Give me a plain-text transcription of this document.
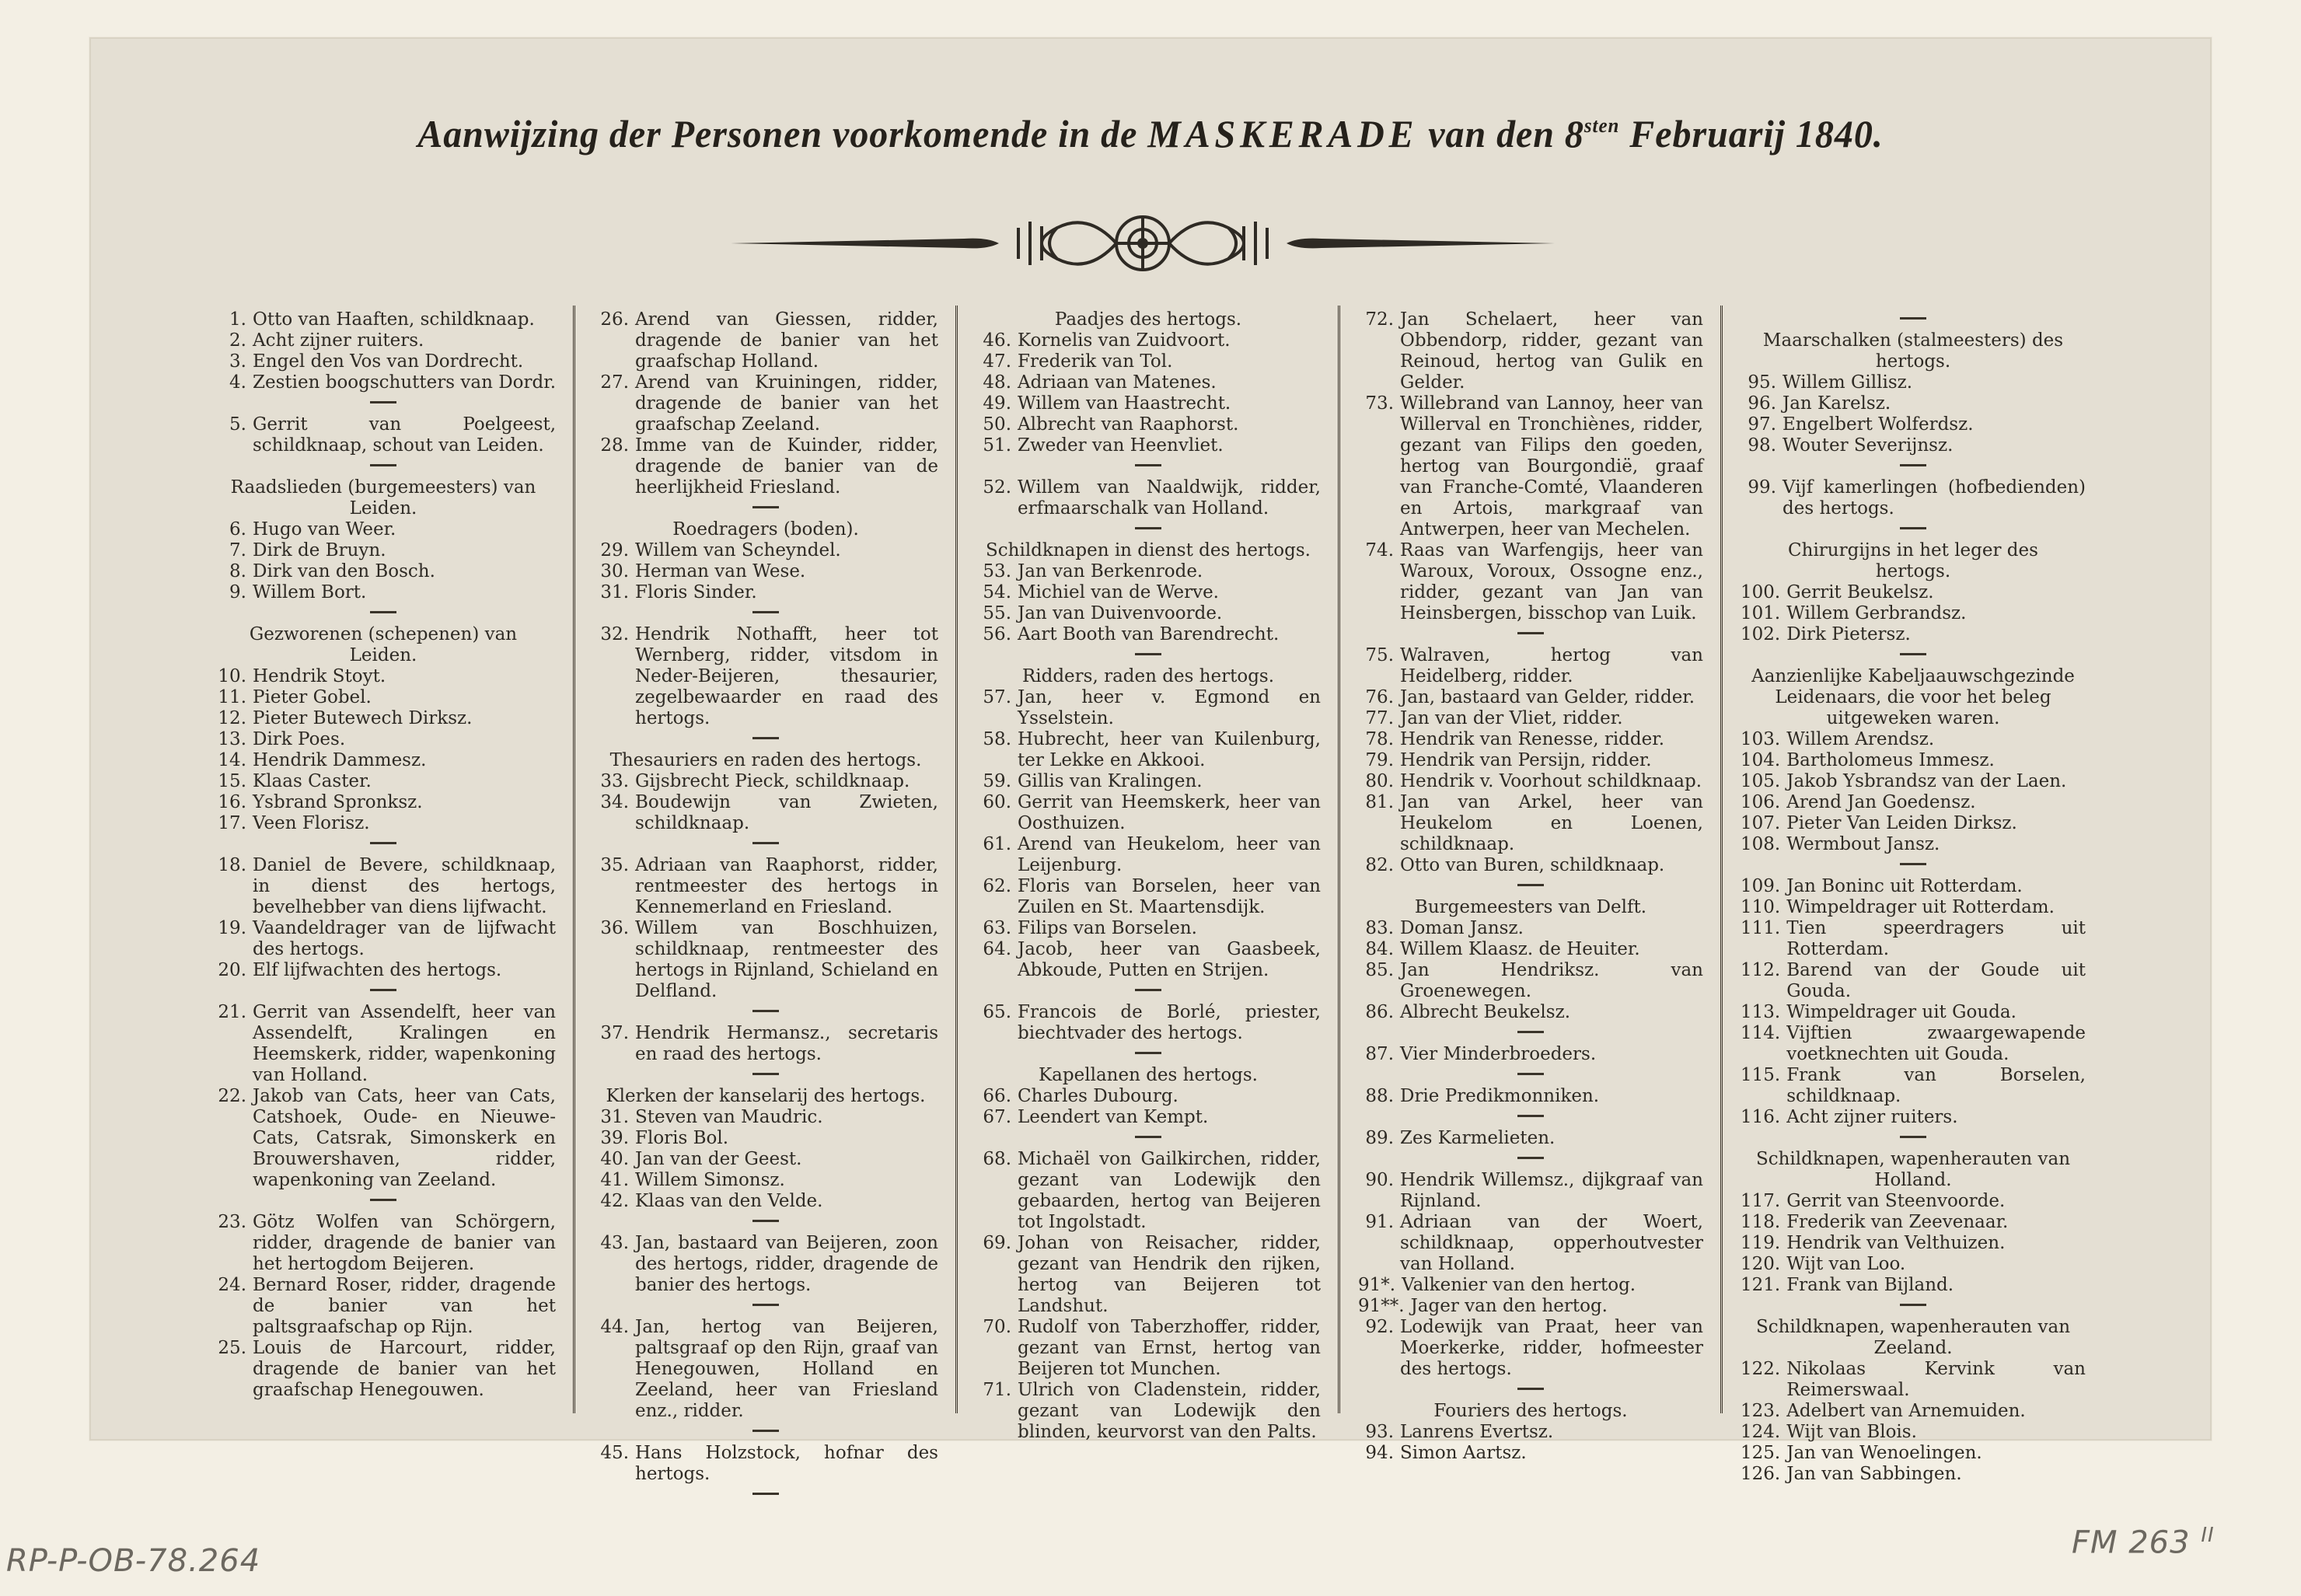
Aanwijzing der Personen voorkomende in de MASKERADE van den $8^{sten}$ Februarij 1840.
1. Otto van Haaften, schildknaap.
2. Acht zijner ruiters.
3. Engel den Vos van Dordrecht.
4. Zestien boogschutters van Dordr.
5. Gerrit van Poelgeest, schildknaap, schout van Leiden.
Raadslieden (burgemeesters) van Leiden.
6. Hugo van Weer.
7. Dirk de Bruyn.
8. Dirk van den Bosch.
9. Willem Bort.
Gezworenen (schepenen) van Leiden.
10. Hendrik Stoyt.
11. Pieter Gobel.
12. Pieter Butewech Dirksz.
13. Dirk Poes.
14. Hendrik Dammesz.
15. Klaas Caster.
16. Ysbrand Spronksz.
17. Veen Florisz.
18. Daniel de Bevere, schildknaap, in dienst des hertogs, bevelhebber van diens lijfwacht.
19. Vaandeldrager van de lijfwacht des hertogs.
20. Elf lijfwachten des hertogs.
21. Gerrit van Assendelft, heer van Assendelft, Kralingen en Heemskerk, ridder, wapenkoning van Holland.
22. Jakob van Cats, heer van Cats, Catshoek, Oude- en Nieuwe-Cats, Catsrak, Simonskerk en Brouwershaven, ridder, wapenkoning van Zeeland.
23. Götz Wolfen van Schörgern, ridder, dragende de banier van het hertogdom Beijeren.
24. Bernard Roser, ridder, dragende de banier van het paltsgraafschap op Rijn.
25. Louis de Harcourt, ridder, dragende de banier van het graafschap Henegouwen.
26. Arend van Giessen, ridder, dragende de banier van het graafschap Holland.
27. Arend van Kruiningen, ridder, dragende de banier van het graafschap Zeeland.
28. Imme van de Kuinder, ridder, dragende de banier van de heerlijkheid Friesland.
Roedragers (boden).
29. Willem van Scheyndel.
30. Herman van Wese.
31. Floris Sinder.
32. Hendrik Nothafft, heer tot Wernberg, ridder, vitsdom in Neder-Beijeren, thesaurier, zegelbewaarder en raad des hertogs.
Thesauriers en raden des hertogs.
33. Gijsbrecht Pieck, schildknaap.
34. Boudewijn van Zwieten, schildknaap.
35. Adriaan van Raaphorst, ridder, rentmeester des hertogs in Kennemerland en Friesland.
36. Willem van Boschhuizen, schildknaap, rentmeester des hertogs in Rijnland, Schieland en Delfland.
37. Hendrik Hermansz., secretaris en raad des hertogs.
Klerken der kanselarij des hertogs.
31. Steven van Maudric.
39. Floris Bol.
40. Jan van der Geest.
41. Willem Simonsz.
42. Klaas van den Velde.
43. Jan, bastaard van Beijeren, zoon des hertogs, ridder, dragende de banier des hertogs.
44. Jan, hertog van Beijeren, paltsgraaf op den Rijn, graaf van Henegouwen, Holland en Zeeland, heer van Friesland enz., ridder.
45. Hans Holzstock, hofnar des hertogs.
Paadjes des hertogs.
46. Kornelis van Zuidvoort.
47. Frederik van Tol.
48. Adriaan van Matenes.
49. Willem van Haastrecht.
50. Albrecht van Raaphorst.
51. Zweder van Heenvliet.
52. Willem van Naaldwijk, ridder, erfmaarschalk van Holland.
Schildknapen in dienst des hertogs.
53. Jan van Berkenrode.
54. Michiel van de Werve.
55. Jan van Duivenvoorde.
56. Aart Booth van Barendrecht.
Ridders, raden des hertogs.
57. Jan, heer v. Egmond en Ysselstein.
58. Hubrecht, heer van Kuilenburg, ter Lekke en Akkooi.
59. Gillis van Kralingen.
60. Gerrit van Heemskerk, heer van Oosthuizen.
61. Arend van Heukelom, heer van Leijenburg.
62. Floris van Borselen, heer van Zuilen en St. Maartensdijk.
63. Filips van Borselen.
64. Jacob, heer van Gaasbeek, Abkoude, Putten en Strijen.
65. Francois de Borlé, priester, biechtvader des hertogs.
Kapellanen des hertogs.
66. Charles Dubourg.
67. Leendert van Kempt.
68. Michaël von Gailkirchen, ridder, gezant van Lodewijk den gebaarden, hertog van Beijeren tot Ingolstadt.
69. Johan von Reisacher, ridder, gezant van Hendrik den rijken, hertog van Beijeren tot Landshut.
70. Rudolf von Taberzhoffer, ridder, gezant van Ernst, hertog van Beijeren tot Munchen.
71. Ulrich von Cladenstein, ridder, gezant van Lodewijk den blinden, keurvorst van den Palts.
72. Jan Schelaert, heer van Obbendorp, ridder, gezant van Reinoud, hertog van Gulik en Gelder.
73. Willebrand van Lannoy, heer van Willerval en Tronchiènes, ridder, gezant van Filips den goeden, hertog van Bourgondië, graaf van Franche-Comté, Vlaanderen en Artois, markgraaf van Antwerpen, heer van Mechelen.
74. Raas van Warfengijs, heer van Waroux, Voroux, Ossogne enz., ridder, gezant van Jan van Heinsbergen, bisschop van Luik.
75. Walraven, hertog van Heidelberg, ridder.
76. Jan, bastaard van Gelder, ridder.
77. Jan van der Vliet, ridder.
78. Hendrik van Renesse, ridder.
79. Hendrik van Persijn, ridder.
80. Hendrik v. Voorhout schildknaap.
81. Jan van Arkel, heer van Heukelom en Loenen, schildknaap.
82. Otto van Buren, schildknaap.
Burgemeesters van Delft.
83. Doman Jansz.
84. Willem Klaasz. de Heuiter.
85. Jan Hendriksz. van Groenewegen.
86. Albrecht Beukelsz.
87. Vier Minderbroeders.
88. Drie Predikmonniken.
89. Zes Karmelieten.
90. Hendrik Willemsz., dijkgraaf van Rijnland.
91. Adriaan van der Woert, schildknaap, opperhoutvester van Holland.
91*. Valkenier van den hertog.
91**. Jager van den hertog.
92. Lodewijk van Praat, heer van Moerkerke, ridder, hofmeester des hertogs.
Fouriers des hertogs.
93. Lanrens Evertsz.
94. Simon Aartsz.
Maarschalken (stalmeesters) des hertogs.
95. Willem Gillisz.
96. Jan Karelsz.
97. Engelbert Wolferdsz.
98. Wouter Severijnsz.
99. Vijf kamerlingen (hofbedienden) des hertogs.
Chirurgijns in het leger des hertogs.
100. Gerrit Beukelsz.
101. Willem Gerbrandsz.
102. Dirk Pietersz.
Aanzienlijke Kabeljaauwschgezinde Leidenaars, die voor het beleg uitgeweken waren.
103. Willem Arendsz.
104. Bartholomeus Immesz.
105. Jakob Ysbrandsz van der Laen.
106. Arend Jan Goedensz.
107. Pieter Van Leiden Dirksz.
108. Wermbout Jansz.
109. Jan Boninc uit Rotterdam.
110. Wimpeldrager uit Rotterdam.
111. Tien speerdragers uit Rotterdam.
112. Barend van der Goude uit Gouda.
113. Wimpeldrager uit Gouda.
114. Vijftien zwaargewapende voetknechten uit Gouda.
115. Frank van Borselen, schildknaap.
116. Acht zijner ruiters.
Schildknapen, wapenherauten van Holland.
117. Gerrit van Steenvoorde.
118. Frederik van Zeevenaar.
119. Hendrik van Velthuizen.
120. Wijt van Loo.
121. Frank van Bijland.
Schildknapen, wapenherauten van Zeeland.
122. Nikolaas Kervink van Reimerswaal.
123. Adelbert van Arnemuiden.
124. Wijt van Blois.
125. Jan van Wenoelingen.
126. Jan van Sabbingen.
RP-P-OB-78.264
FM 263 $^{II}$
